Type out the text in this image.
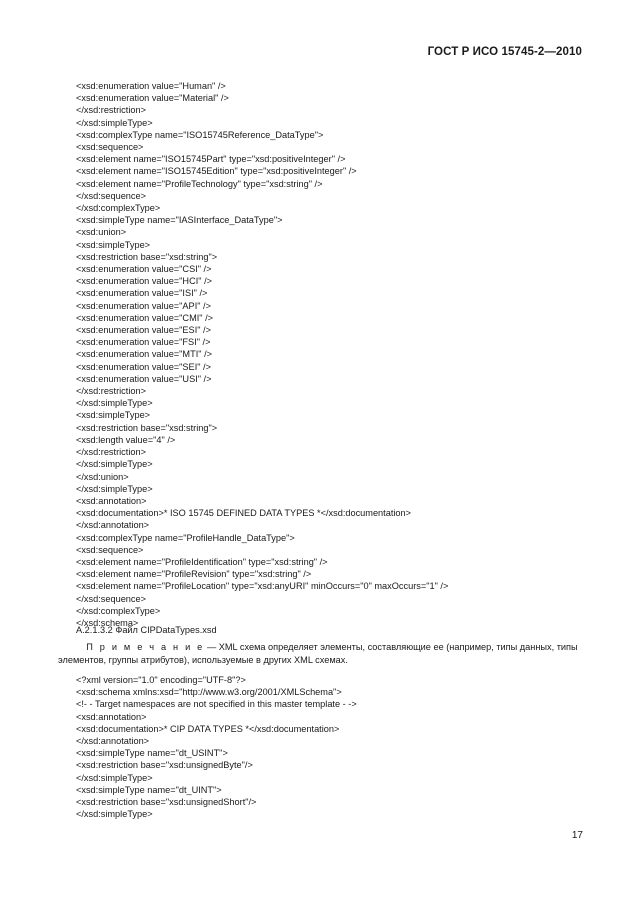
ГОСТ Р ИСО 15745-2—2010
<xsd:enumeration value="Human" />
<xsd:enumeration value="Material" />
</xsd:restriction>
</xsd:simpleType>
<xsd:complexType name="ISO15745Reference_DataType">
<xsd:sequence>
<xsd:element name="ISO15745Part" type="xsd:positiveInteger" />
<xsd:element name="ISO15745Edition" type="xsd:positiveInteger" />
<xsd:element name="ProfileTechnology" type="xsd:string" />
</xsd:sequence>
</xsd:complexType>
<xsd:simpleType name="IASInterface_DataType">
<xsd:union>
<xsd:simpleType>
<xsd:restriction base="xsd:string">
<xsd:enumeration value="CSI" />
<xsd:enumeration value="HCI" />
<xsd:enumeration value="ISI" />
<xsd:enumeration value="API" />
<xsd:enumeration value="CMI" />
<xsd:enumeration value="ESI" />
<xsd:enumeration value="FSI" />
<xsd:enumeration value="MTI" />
<xsd:enumeration value="SEI" />
<xsd:enumeration value="USI" />
</xsd:restriction>
</xsd:simpleType>
<xsd:simpleType>
<xsd:restriction base="xsd:string">
<xsd:length value="4" />
</xsd:restriction>
</xsd:simpleType>
</xsd:union>
</xsd:simpleType>
<xsd:annotation>
<xsd:documentation>* ISO 15745 DEFINED DATA TYPES *</xsd:documentation>
</xsd:annotation>
<xsd:complexType name="ProfileHandle_DataType">
<xsd:sequence>
<xsd:element name="ProfileIdentification" type="xsd:string" />
<xsd:element name="ProfileRevision" type="xsd:string" />
<xsd:element name="ProfileLocation" type="xsd:anyURI" minOccurs="0" maxOccurs="1" />
</xsd:sequence>
</xsd:complexType>
</xsd:schema>
A.2.1.3.2 Файл CIPDataTypes.xsd
П р и м е ч а н и е — XML схема определяет элементы, составляющие ее (например, типы данных, типы
элементов, группы атрибутов), используемые в других XML схемах.
<?xml version="1.0" encoding="UTF-8"?>
<xsd:schema xmlns:xsd="http://www.w3.org/2001/XMLSchema">
<!- - Target namespaces are not specified in this master template - ->
<xsd:annotation>
<xsd:documentation>* CIP DATA TYPES *</xsd:documentation>
</xsd:annotation>
<xsd:simpleType name="dt_USINT">
<xsd:restriction base="xsd:unsignedByte"/>
</xsd:simpleType>
<xsd:simpleType name="dt_UINT">
<xsd:restriction base="xsd:unsignedShort"/>
</xsd:simpleType>
17
